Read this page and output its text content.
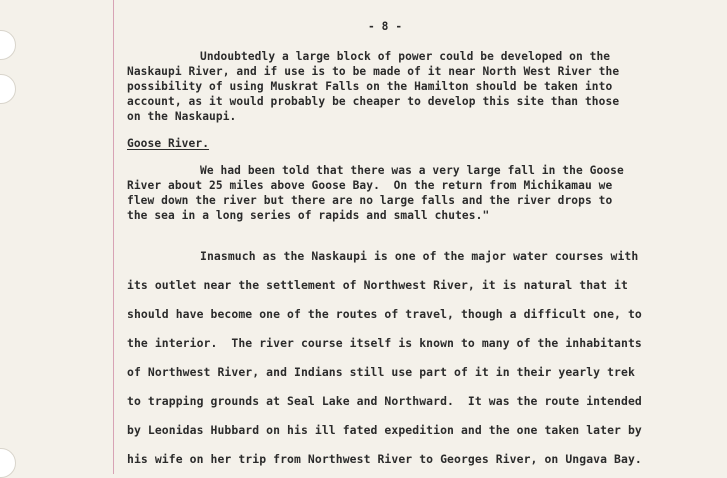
- 8 -
Undoubtedly a large block of power could be developed on the
Naskaupi River, and if use is to be made of it near North West River the
possibility of using Muskrat Falls on the Hamilton should be taken into
account, as it would probably be cheaper to develop this site than those
on the Naskaupi.
Goose River.
We had been told that there was a very large fall in the Goose
River about 25 miles above Goose Bay.  On the return from Michikamau we
flew down the river but there are no large falls and the river drops to
the sea in a long series of rapids and small chutes."
Inasmuch as the Naskaupi is one of the major water courses with
its outlet near the settlement of Northwest River, it is natural that it
should have become one of the routes of travel, though a difficult one, to
the interior.  The river course itself is known to many of the inhabitants
of Northwest River, and Indians still use part of it in their yearly trek
to trapping grounds at Seal Lake and Northward.  It was the route intended
by Leonidas Hubbard on his ill fated expedition and the one taken later by
his wife on her trip from Northwest River to Georges River, on Ungava Bay.
